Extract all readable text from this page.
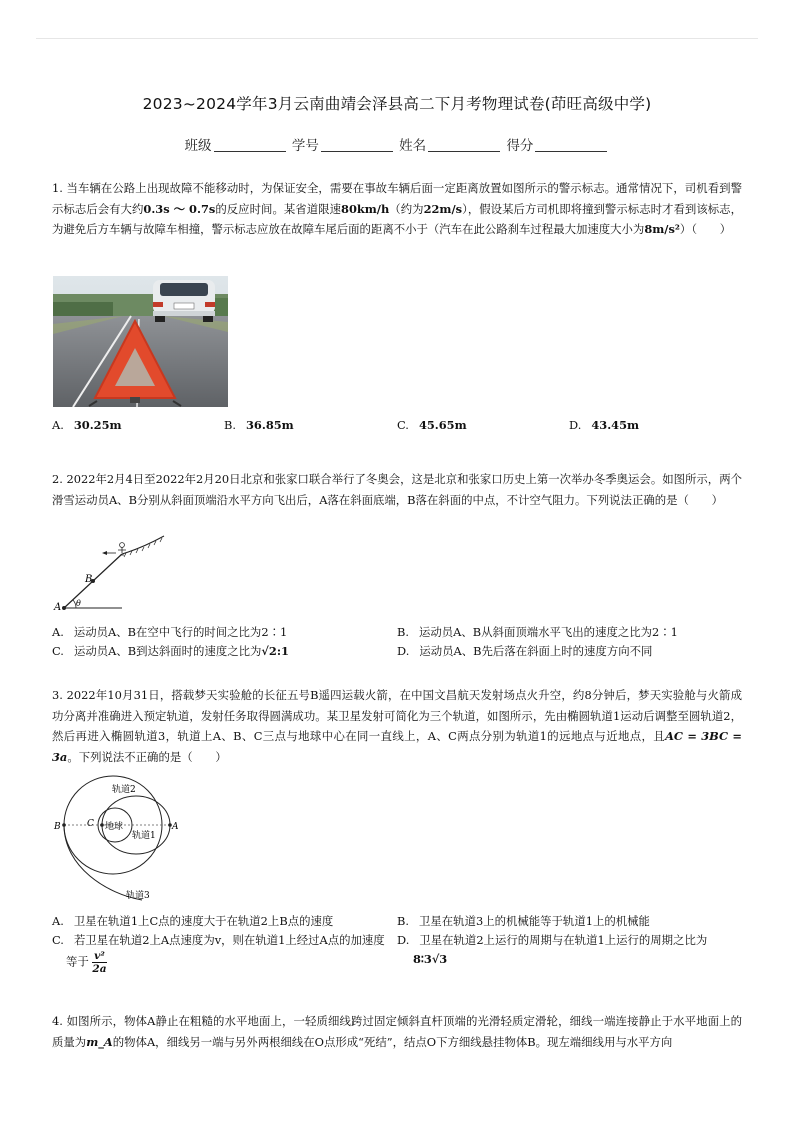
2023~2024学年3月云南曲靖会泽县高二下月考物理试卷(茚旺高级中学)
班级	学号	姓名	得分
1. 当车辆在公路上出现故障不能移动时，为保证安全，需要在事故车辆后面一定距离放置如图所示的警示标志。通常情况下，司机看到警示标志后会有大约0.3s ～ 0.7s的反应时间。某省道限速80km/h（约为22m/s），假设某后方司机即将撞到警示标志时才看到该标志，为避免后方车辆与故障车相撞，警示标志应放在故障车尾后面的距离不小于（汽车在此公路刹车过程最大加速度大小为8m/s²）（　　）
A. 30.25m	B. 36.85m	C. 45.65m	D. 43.45m
2. 2022年2月4日至2022年2月20日北京和张家口联合举行了冬奥会，这是北京和张家口历史上第一次举办冬季奥运会。如图所示，两个滑雪运动员A、B分别从斜面顶端沿水平方向飞出后，A落在斜面底端，B落在斜面的中点，不计空气阻力。下列说法正确的是（　　）
B
A θ
A. 运动员A、B在空中飞行的时间之比为2∶1	B. 运动员A、B从斜面顶端水平飞出的速度之比为2∶1
C. 运动员A、B到达斜面时的速度之比为√2:1	D. 运动员A、B先后落在斜面上时的速度方向不同
3. 2022年10月31日，搭载梦天实验舱的长征五号B遥四运载火箭，在中国文昌航天发射场点火升空，约8分钟后，梦天实验舱与火箭成功分离并准确进入预定轨道，发射任务取得圆满成功。某卫星发射可简化为三个轨道，如图所示，先由椭圆轨道1运动后调整至圆轨道2，然后再进入椭圆轨道3，轨道上A、B、C三点与地球中心在同一直线上，A、C两点分别为轨道1的远地点与近地点，且AC = 3BC = 3a。下列说法不正确的是（　　）
B	C	A
地球
轨道2
轨道1
轨道3
A. 卫星在轨道1上C点的速度大于在轨道2上B点的速度	B. 卫星在轨道3上的机械能等于轨道1上的机械能
C. 若卫星在轨道2上A点速度为v，则在轨道1上经过A点的加速度
等于 $\frac{\text{v²}}{2a}$
D. 卫星在轨道2上运行的周期与在轨道1上运行的周期之比为
8∶3√3
4. 如图所示，物体A静止在粗糙的水平地面上，一轻质细线跨过固定倾斜直杆顶端的光滑轻质定滑轮，细线一端连接静止于水平地面上的质量为m_A的物体A，细线另一端与另外两根细线在O点形成“死结”，结点O下方细线悬挂物体B。现左端细线用与水平方向
